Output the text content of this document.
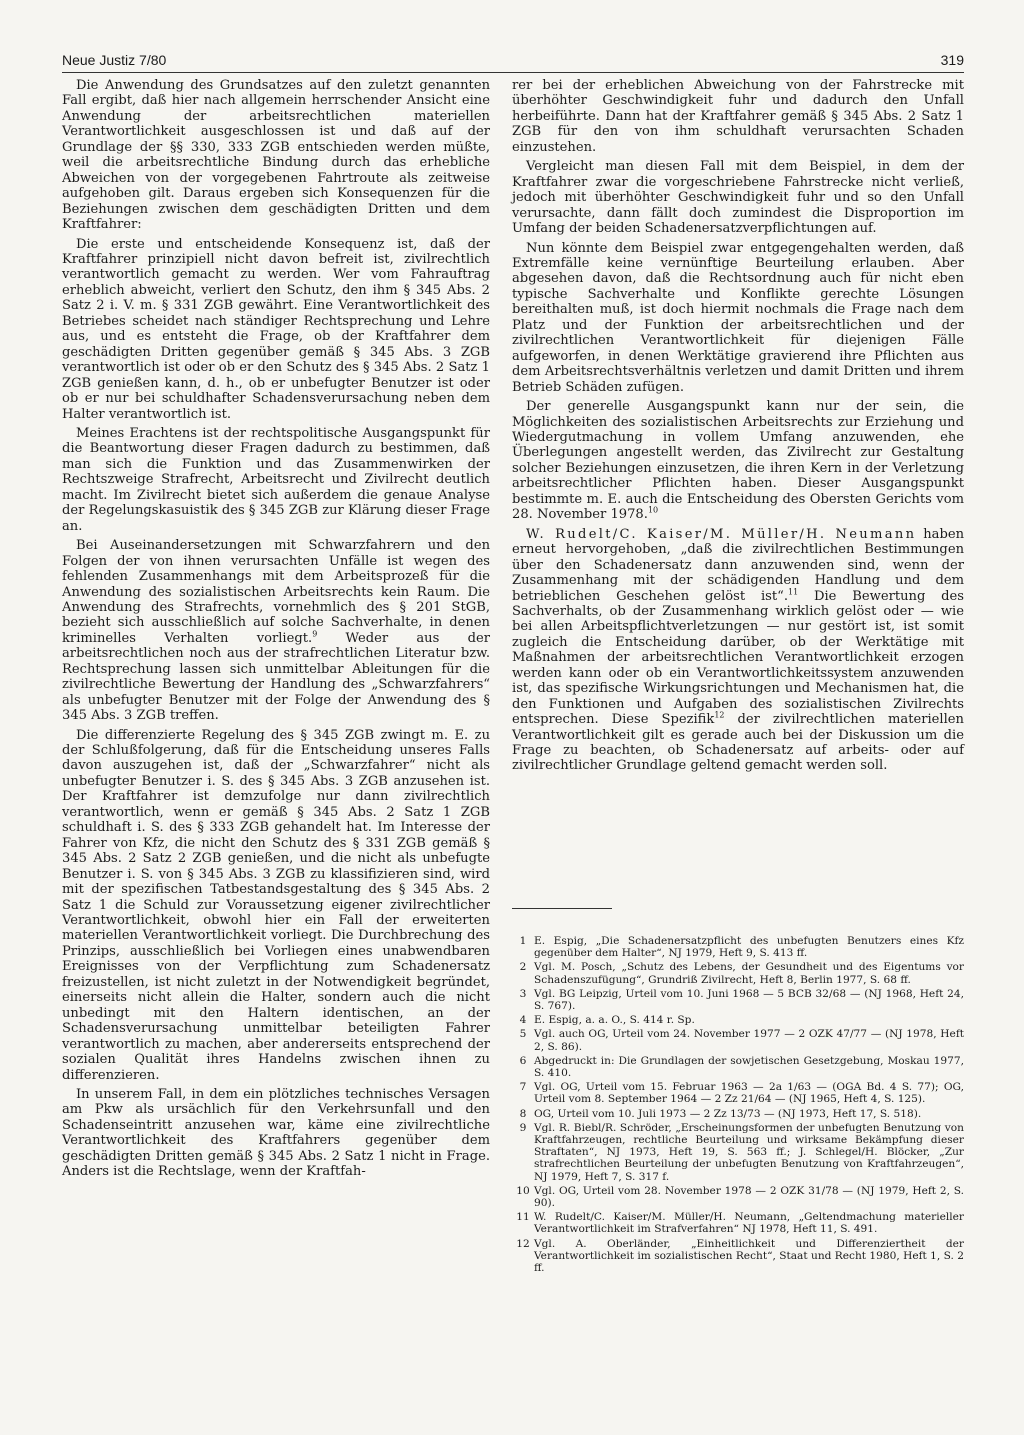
Neue Justiz 7/80	319

Die Anwendung des Grundsatzes auf den zuletzt genannten Fall ergibt, daß hier nach allgemein herrschender Ansicht eine Anwendung der arbeitsrechtlichen materiellen Verantwortlichkeit ausgeschlossen ist und daß auf der Grundlage der §§ 330, 333 ZGB entschieden werden müßte, weil die arbeitsrechtliche Bindung durch das erhebliche Abweichen von der vorgegebenen Fahrtroute als zeitweise aufgehoben gilt. Daraus ergeben sich Konsequenzen für die Beziehungen zwischen dem geschädigten Dritten und dem Kraftfahrer:

Die erste und entscheidende Konsequenz ist, daß der Kraftfahrer prinzipiell nicht davon befreit ist, zivilrechtlich verantwortlich gemacht zu werden. Wer vom Fahrauftrag erheblich abweicht, verliert den Schutz, den ihm § 345 Abs. 2 Satz 2 i. V. m. § 331 ZGB gewährt. Eine Verantwortlichkeit des Betriebes scheidet nach ständiger Rechtsprechung und Lehre aus, und es entsteht die Frage, ob der Kraftfahrer dem geschädigten Dritten gegenüber gemäß § 345 Abs. 3 ZGB verantwortlich ist oder ob er den Schutz des § 345 Abs. 2 Satz 1 ZGB genießen kann, d. h., ob er unbefugter Benutzer ist oder ob er nur bei schuldhafter Schadensverursachung neben dem Halter verantwortlich ist.

Meines Erachtens ist der rechtspolitische Ausgangspunkt für die Beantwortung dieser Fragen dadurch zu bestimmen, daß man sich die Funktion und das Zusammenwirken der Rechtszweige Strafrecht, Arbeitsrecht und Zivilrecht deutlich macht. Im Zivilrecht bietet sich außerdem die genaue Analyse der Regelungskasuistik des § 345 ZGB zur Klärung dieser Frage an.

Bei Auseinandersetzungen mit Schwarzfahrern und den Folgen der von ihnen verursachten Unfälle ist wegen des fehlenden Zusammenhangs mit dem Arbeitsprozeß für die Anwendung des sozialistischen Arbeitsrechts kein Raum. Die Anwendung des Strafrechts, vornehmlich des § 201 StGB, bezieht sich ausschließlich auf solche Sachverhalte, in denen kriminelles Verhalten vorliegt.$^9$ Weder aus der arbeitsrechtlichen noch aus der strafrechtlichen Literatur bzw. Rechtsprechung lassen sich unmittelbar Ableitungen für die zivilrechtliche Bewertung der Handlung des „Schwarzfahrers“ als unbefugter Benutzer mit der Folge der Anwendung des § 345 Abs. 3 ZGB treffen.

Die differenzierte Regelung des § 345 ZGB zwingt m. E. zu der Schlußfolgerung, daß für die Entscheidung unseres Falls davon auszugehen ist, daß der „Schwarzfahrer“ nicht als unbefugter Benutzer i. S. des § 345 Abs. 3 ZGB anzusehen ist. Der Kraftfahrer ist demzufolge nur dann zivilrechtlich verantwortlich, wenn er gemäß § 345 Abs. 2 Satz 1 ZGB schuldhaft i. S. des § 333 ZGB gehandelt hat. Im Interesse der Fahrer von Kfz, die nicht den Schutz des § 331 ZGB gemäß § 345 Abs. 2 Satz 2 ZGB genießen, und die nicht als unbefugte Benutzer i. S. von § 345 Abs. 3 ZGB zu klassifizieren sind, wird mit der spezifischen Tatbestandsgestaltung des § 345 Abs. 2 Satz 1 die Schuld zur Voraussetzung eigener zivilrechtlicher Verantwortlichkeit, obwohl hier ein Fall der erweiterten materiellen Verantwortlichkeit vorliegt. Die Durchbrechung des Prinzips, ausschließlich bei Vorliegen eines unabwendbaren Ereignisses von der Verpflichtung zum Schadenersatz freizustellen, ist nicht zuletzt in der Notwendigkeit begründet, einerseits nicht allein die Halter, sondern auch die nicht unbedingt mit den Haltern identischen, an der Schadensverursachung unmittelbar beteiligten Fahrer verantwortlich zu machen, aber andererseits entsprechend der sozialen Qualität ihres Handelns zwischen ihnen zu differenzieren.

In unserem Fall, in dem ein plötzliches technisches Versagen am Pkw als ursächlich für den Verkehrsunfall und den Schadenseintritt anzusehen war, käme eine zivilrechtliche Verantwortlichkeit des Kraftfahrers gegenüber dem geschädigten Dritten gemäß § 345 Abs. 2 Satz 1 nicht in Frage. Anders ist die Rechtslage, wenn der Kraftfah-

rer bei der erheblichen Abweichung von der Fahrstrecke mit überhöhter Geschwindigkeit fuhr und dadurch den Unfall herbeiführte. Dann hat der Kraftfahrer gemäß § 345 Abs. 2 Satz 1 ZGB für den von ihm schuldhaft verursachten Schaden einzustehen.

Vergleicht man diesen Fall mit dem Beispiel, in dem der Kraftfahrer zwar die vorgeschriebene Fahrstrecke nicht verließ, jedoch mit überhöhter Geschwindigkeit fuhr und so den Unfall verursachte, dann fällt doch zumindest die Disproportion im Umfang der beiden Schadenersatzverpflichtungen auf.

Nun könnte dem Beispiel zwar entgegengehalten werden, daß Extremfälle keine vernünftige Beurteilung erlauben. Aber abgesehen davon, daß die Rechtsordnung auch für nicht eben typische Sachverhalte und Konflikte gerechte Lösungen bereithalten muß, ist doch hiermit nochmals die Frage nach dem Platz und der Funktion der arbeitsrechtlichen und der zivilrechtlichen Verantwortlichkeit für diejenigen Fälle aufgeworfen, in denen Werktätige gravierend ihre Pflichten aus dem Arbeitsrechtsverhältnis verletzen und damit Dritten und ihrem Betrieb Schäden zufügen.

Der generelle Ausgangspunkt kann nur der sein, die Möglichkeiten des sozialistischen Arbeitsrechts zur Erziehung und Wiedergutmachung in vollem Umfang anzuwenden, ehe Überlegungen angestellt werden, das Zivilrecht zur Gestaltung solcher Beziehungen einzusetzen, die ihren Kern in der Verletzung arbeitsrechtlicher Pflichten haben. Dieser Ausgangspunkt bestimmte m. E. auch die Entscheidung des Obersten Gerichts vom 28. November 1978.10

W. Rudelt/C. Kaiser/M. Müller/H. Neumann haben erneut hervorgehoben, „daß die zivilrechtlichen Bestimmungen über den Schadenersatz dann anzuwenden sind, wenn der Zusammenhang mit der schädigenden Handlung und dem betrieblichen Geschehen gelöst ist“.$^{11}$ Die Bewertung des Sachverhalts, ob der Zusammenhang wirklich gelöst oder — wie bei allen Arbeitspflichtverletzungen — nur gestört ist, ist somit zugleich die Entscheidung darüber, ob der Werktätige mit Maßnahmen der arbeitsrechtlichen Verantwortlichkeit erzogen werden kann oder ob ein Verantwortlichkeitssystem anzuwenden ist, das spezifische Wirkungsrichtungen und Mechanismen hat, die den Funktionen und Aufgaben des sozialistischen Zivilrechts entsprechen. Diese Spezifik$^{12}$ der zivilrechtlichen materiellen Verantwortlichkeit gilt es gerade auch bei der Diskussion um die Frage zu beachten, ob Schadenersatz auf arbeits- oder auf zivilrechtlicher Grundlage geltend gemacht werden soll.

1 E. Espig, „Die Schadenersatzpflicht des unbefugten Benutzers eines Kfz gegenüber dem Halter“, NJ 1979, Heft 9, S. 413 ff.
2 Vgl. M. Posch, „Schutz des Lebens, der Gesundheit und des Eigentums vor Schadenszufügung“, Grundriß Zivilrecht, Heft 8, Berlin 1977, S. 68 ff.
3 Vgl. BG Leipzig, Urteil vom 10. Juni 1968 — 5 BCB 32/68 — (NJ 1968, Heft 24, S. 767).
4 E. Espig, a. a. O., S. 414 r. Sp.
5 Vgl. auch OG, Urteil vom 24. November 1977 — 2 OZK 47/77 — (NJ 1978, Heft 2, S. 86).
6 Abgedruckt in: Die Grundlagen der sowjetischen Gesetzgebung, Moskau 1977, S. 410.
7 Vgl. OG, Urteil vom 15. Februar 1963 — 2a 1/63 — (OGA Bd. 4 S. 77); OG, Urteil vom 8. September 1964 — 2 Zz 21/64 — (NJ 1965, Heft 4, S. 125).
8 OG, Urteil vom 10. Juli 1973 — 2 Zz 13/73 — (NJ 1973, Heft 17, S. 518).
9 Vgl. R. Biebl/R. Schröder, „Erscheinungsformen der unbefugten Benutzung von Kraftfahrzeugen, rechtliche Beurteilung und wirksame Bekämpfung dieser Straftaten“, NJ 1973, Heft 19, S. 563 ff.; J. Schlegel/H. Blöcker, „Zur strafrechtlichen Beurteilung der unbefugten Benutzung von Kraftfahrzeugen“, NJ 1979, Heft 7, S. 317 f.
10 Vgl. OG, Urteil vom 28. November 1978 — 2 OZK 31/78 — (NJ 1979, Heft 2, S. 90).
11 W. Rudelt/C. Kaiser/M. Müller/H. Neumann, „Geltendmachung materieller Verantwortlichkeit im Strafverfahren“ NJ 1978, Heft 11, S. 491.
12 Vgl. A. Oberländer, „Einheitlichkeit und Differenziertheit der Verantwortlichkeit im sozialistischen Recht“, Staat und Recht 1980, Heft 1, S. 2 ff.
